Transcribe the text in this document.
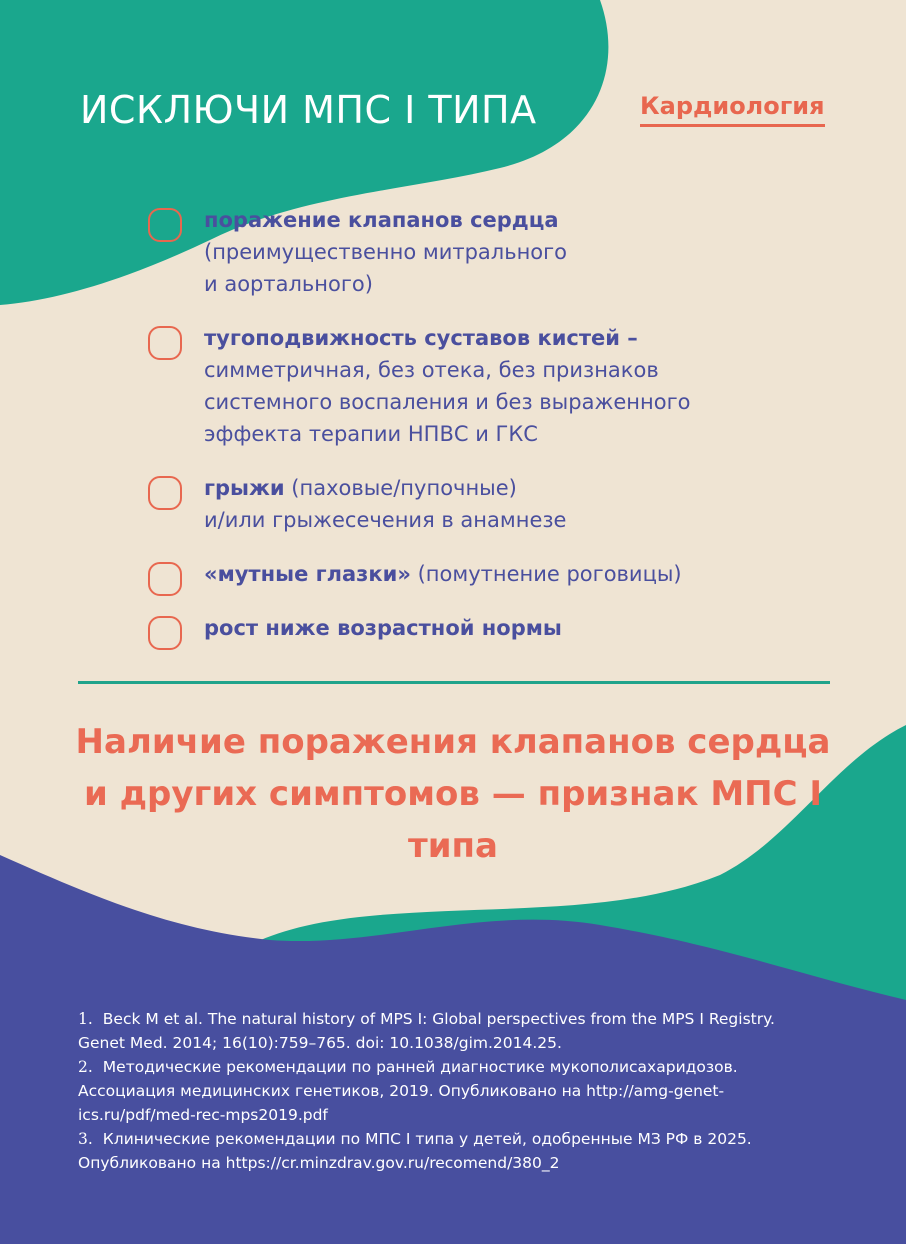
ИСКЛЮЧИ МПС I ТИПА	Кардиология
поражение клапанов сердца
(преимущественно митрального
и аортального)
тугоподвижность суставов кистей –
симметричная, без отека, без признаков
системного воспаления и без выраженного
эффекта терапии НПВС и ГКС
грыжи (паховые/пупочные)
и/или грыжесечения в анамнезе
«мутные глазки» (помутнение роговицы)
рост ниже возрастной нормы
Наличие поражения клапанов сердца и других симптомов — признак МПС I типа
1. Beck M et al. The natural history of MPS I: Global perspectives from the MPS I Registry. Genet Med. 2014; 16(10):759–765. doi: 10.1038/gim.2014.25.
2. Методические рекомендации по ранней диагностике мукополисахаридозов. Ассоциация медицинских генетиков, 2019. Опубликовано на http://amg-genet-ics.ru/pdf/med-rec-mps2019.pdf
3. Клинические рекомендации по МПС I типа у детей, одобренные МЗ РФ в 2025. Опубликовано на https://cr.minzdrav.gov.ru/recomend/380_2
